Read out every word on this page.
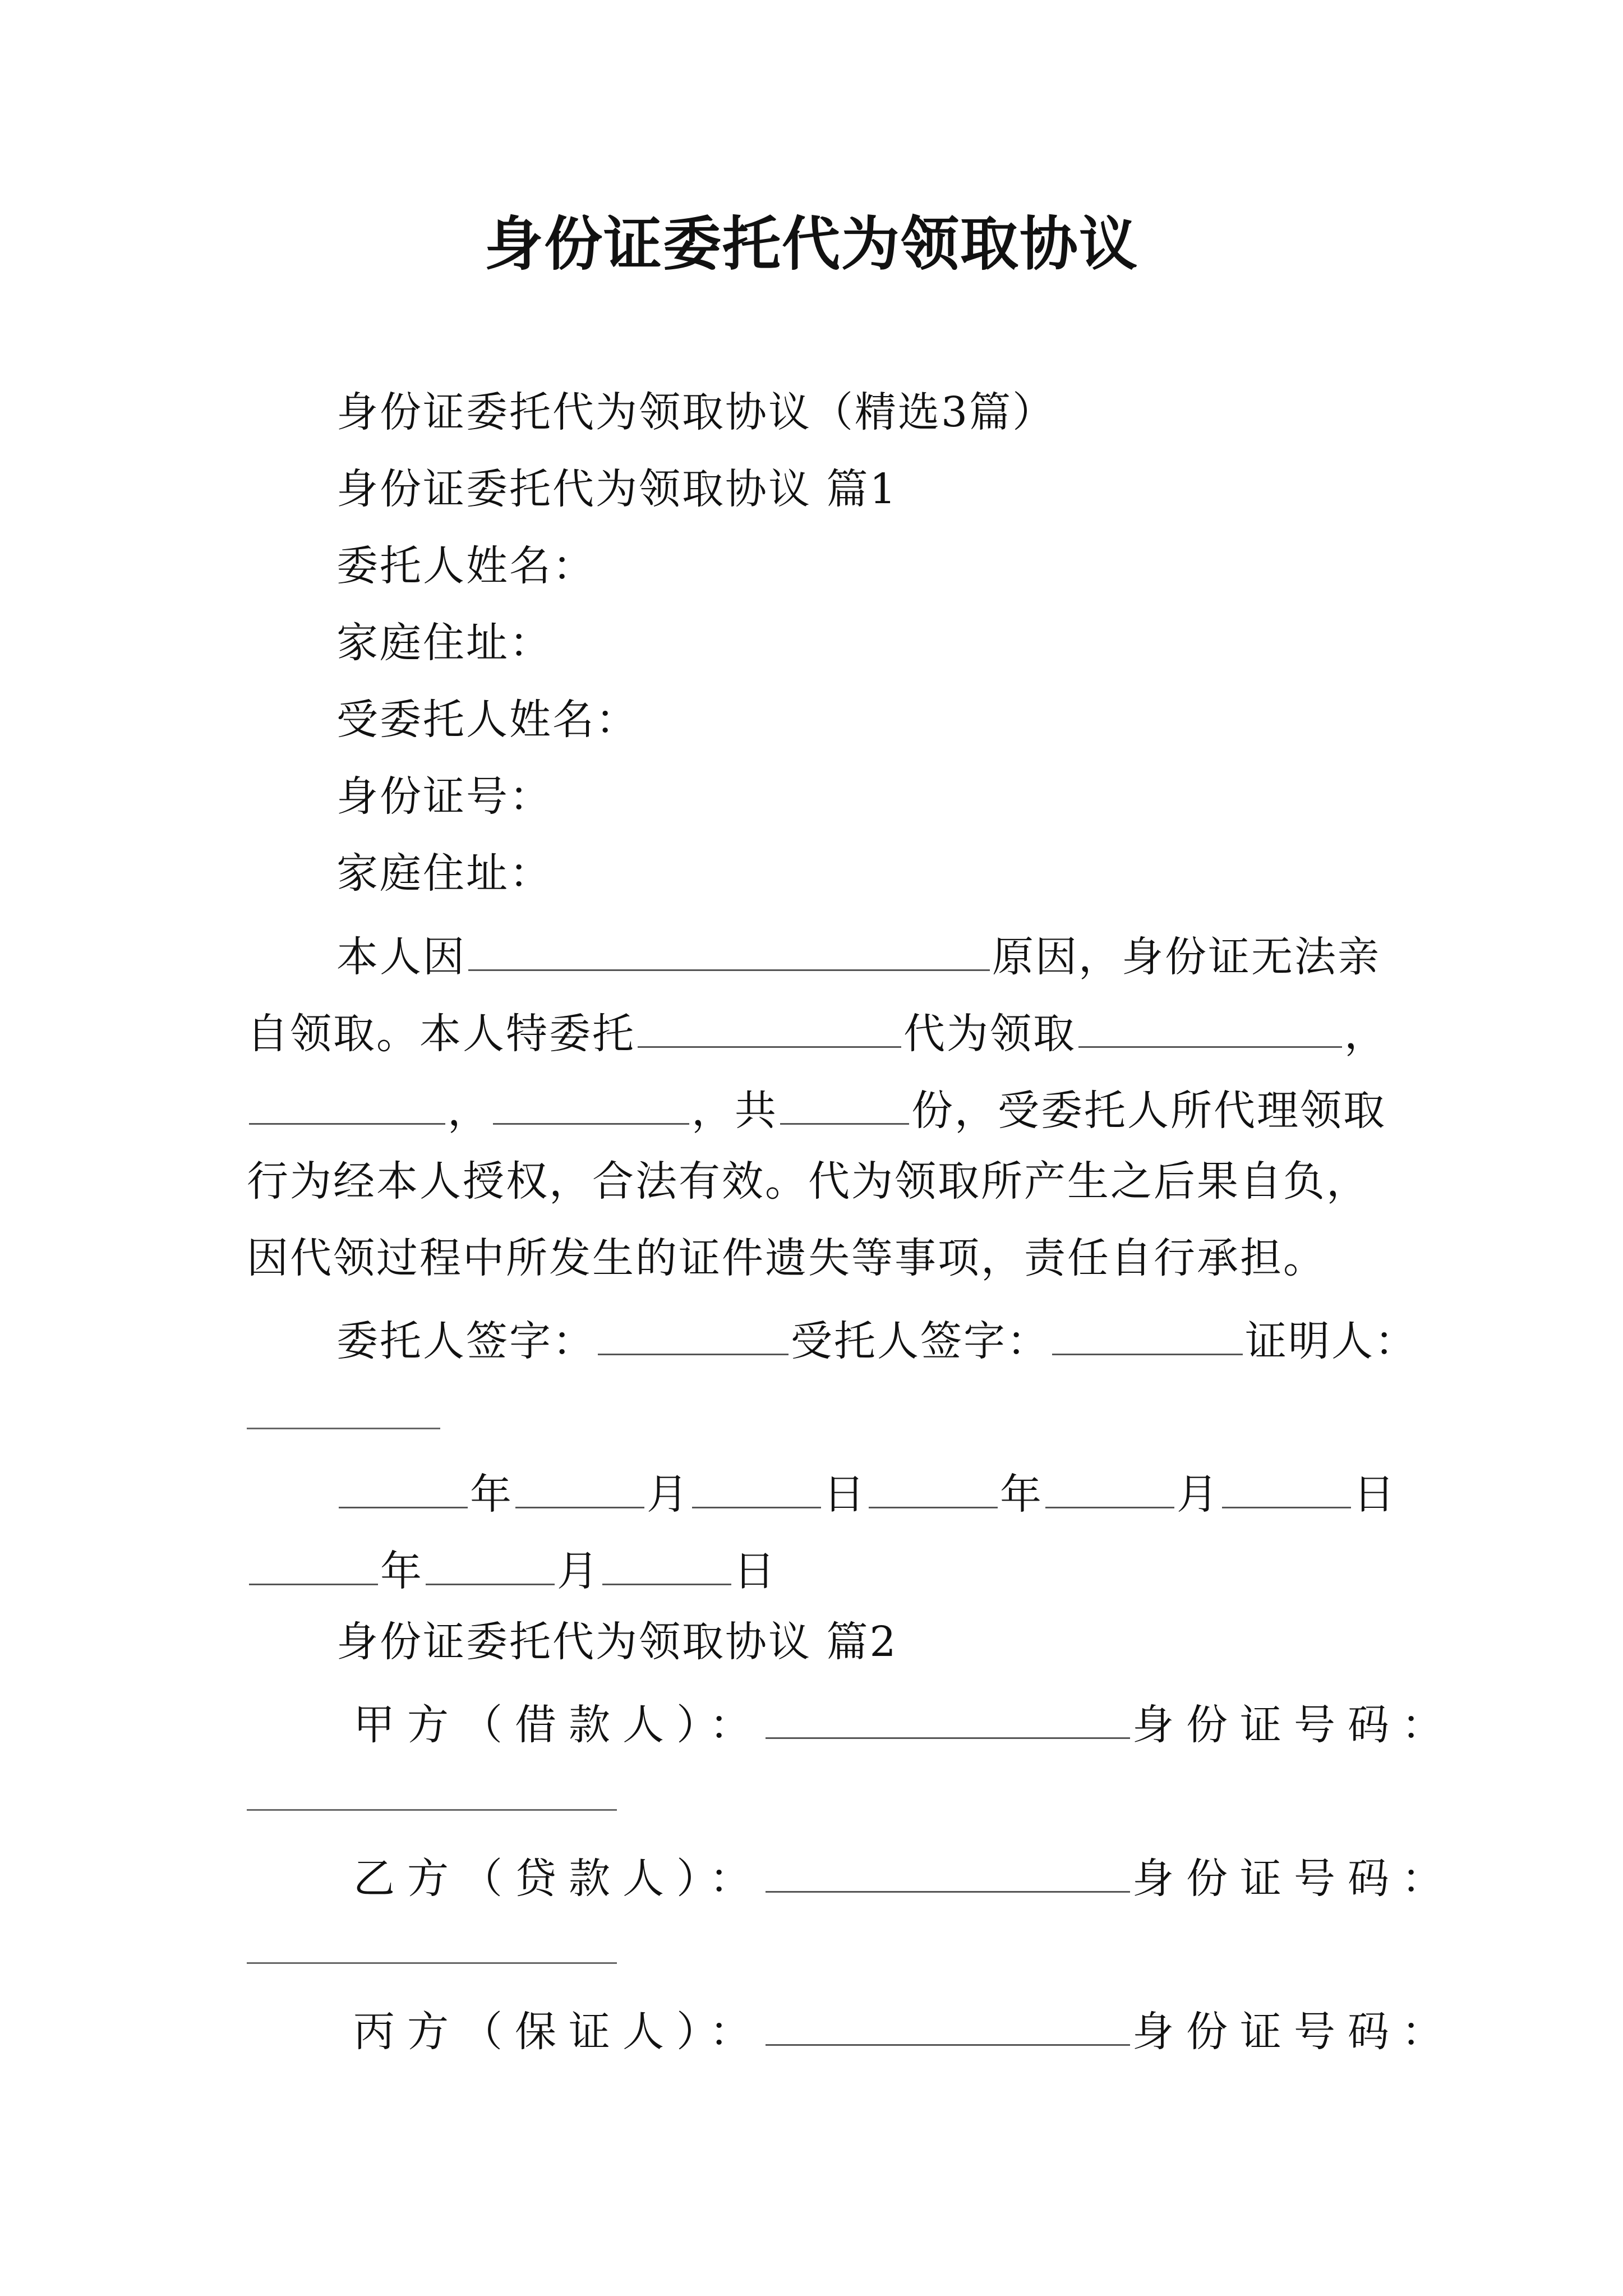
身份证委托代为领取协议
身份证委托代为领取协议（精选3篇）
身份证委托代为领取协议 篇1
委托人姓名：
家庭住址：
受委托人姓名：
身份证号：
家庭住址：
本人因	原因，身份证无法亲
自领取。本人特委托	代为领取	，
，	，共	份，受委托人所代理领取
行为经本人授权，合法有效。代为领取所产生之后果自负，
因代领过程中所发生的证件遗失等事项，责任自行承担。
委托人签字：	受托人签字：	证明人：
年	月	日	年	月	日
年	月	日
身份证委托代为领取协议 篇2
甲方（借款人）：	身份证号码：
乙方（贷款人）：	身份证号码：
丙方（保证人）：	身份证号码：
